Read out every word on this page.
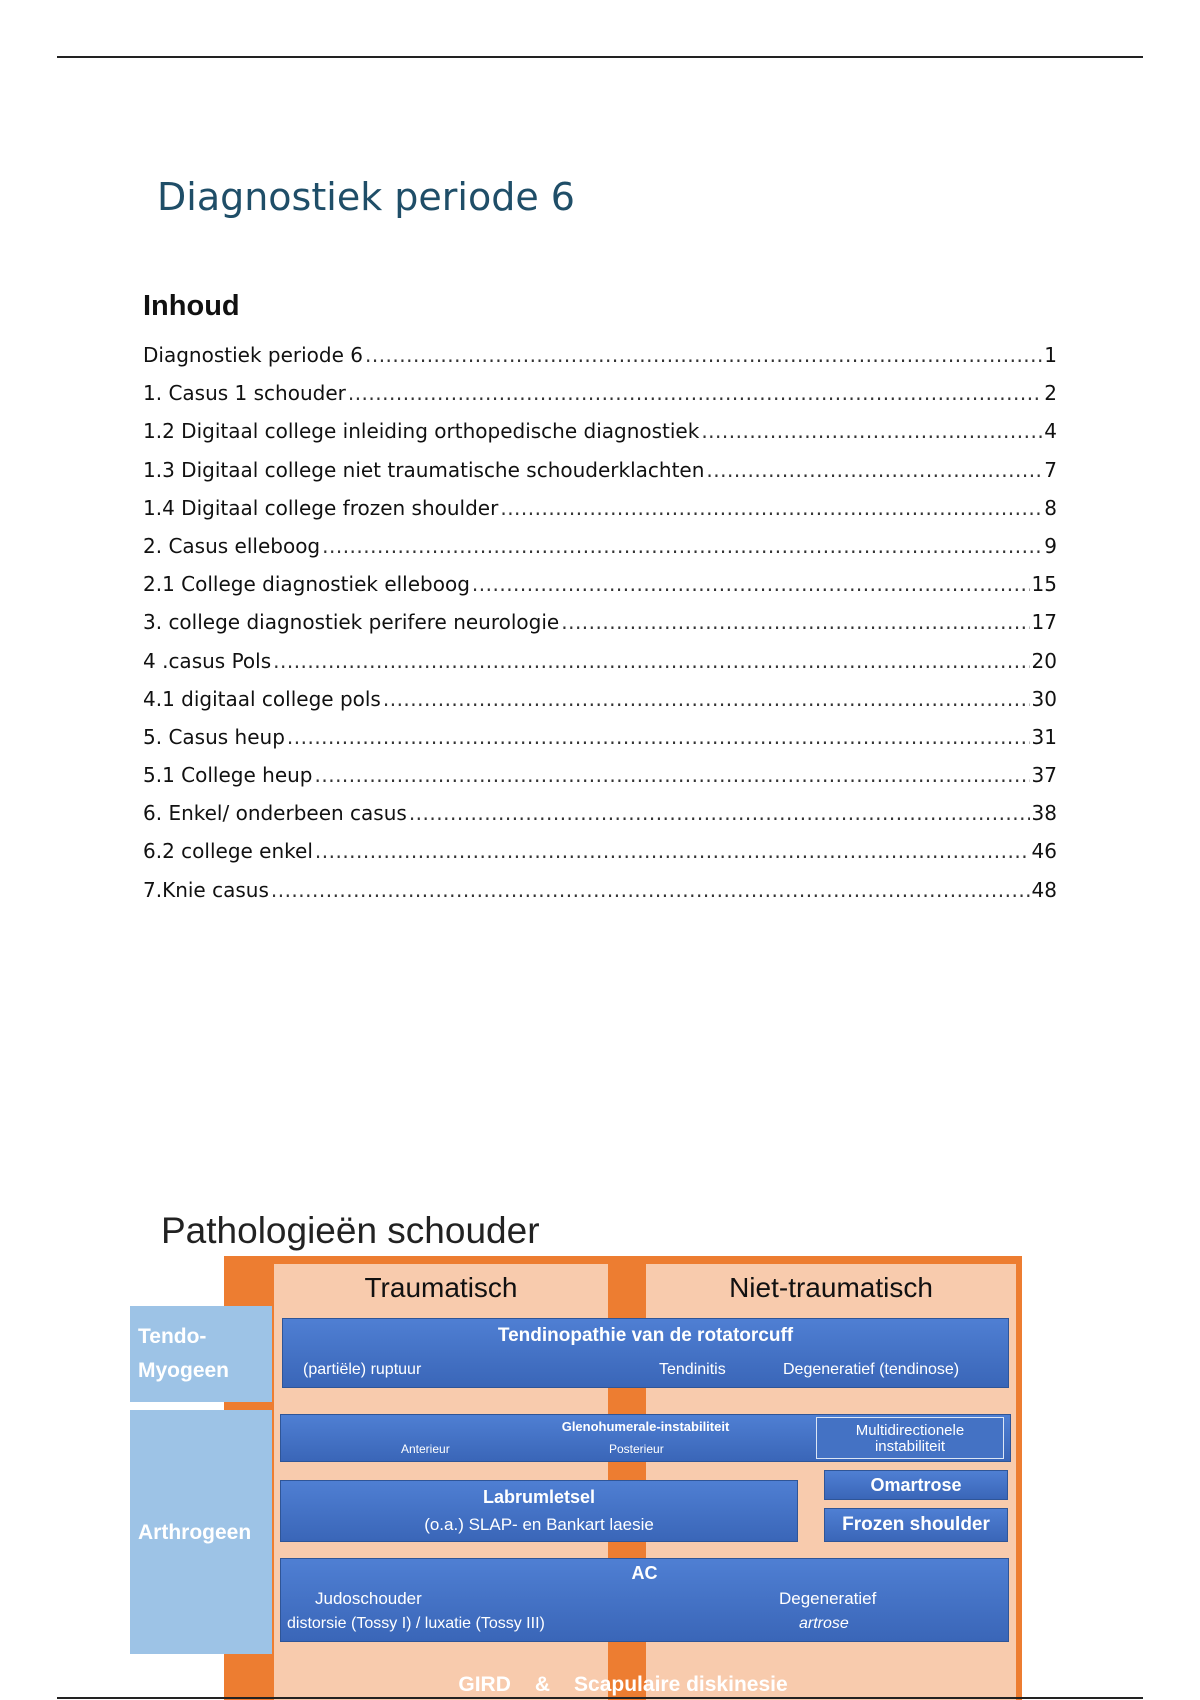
Diagnostiek periode 6
Inhoud
Diagnostiek periode 6 .....	1
1. Casus 1 schouder .....	2
1.2 Digitaal college inleiding orthopedische diagnostiek .....	4
1.3 Digitaal college niet traumatische schouderklachten .....	7
1.4 Digitaal college frozen shoulder .....	8
2. Casus elleboog .....	9
2.1 College diagnostiek elleboog .....	15
3. college diagnostiek perifere neurologie .....	17
4 .casus Pols .....	20
4.1 digitaal college pols .....	30
5. Casus heup .....	31
5.1 College heup .....	37
6. Enkel/ onderbeen casus .....	38
6.2 college enkel .....	46
7.Knie casus .....	48
Pathologieën schouder
Traumatisch	Niet-traumatisch
Tendo-
Myogeen
Arthrogeen
Tendinopathie van de rotatorcuff
(partiële) ruptuur	Tendinitis	Degeneratief (tendinose)
Glenohumerale-instabiliteit
Anterieur	Posterieur
Multidirectionele
instabiliteit
Labrumletsel
(o.a.) SLAP- en Bankart laesie
Omartrose
Frozen shoulder
AC
Judoschouder
distorsie (Tossy I) / luxatie (Tossy III)
Degeneratief
artrose
GIRD & Scapulaire diskinesie
